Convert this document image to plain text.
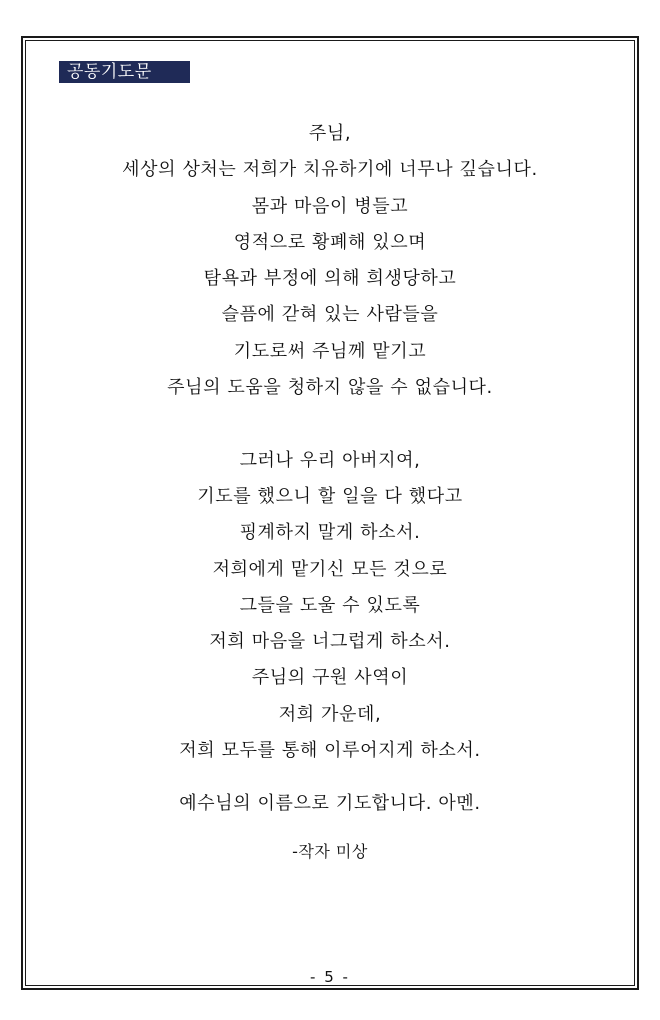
공동기도문
주님,
세상의 상처는 저희가 치유하기에 너무나 깊습니다.
몸과 마음이 병들고
영적으로 황폐해 있으며
탐욕과 부정에 의해 희생당하고
슬픔에 갇혀 있는 사람들을
기도로써 주님께 맡기고
주님의 도움을 청하지 않을 수 없습니다.
그러나 우리 아버지여,
기도를 했으니 할 일을 다 했다고
핑계하지 말게 하소서.
저희에게 맡기신 모든 것으로
그들을 도울 수 있도록
저희 마음을 너그럽게 하소서.
주님의 구원 사역이
저희 가운데,
저희 모두를 통해 이루어지게 하소서.
예수님의 이름으로 기도합니다. 아멘.
-작자 미상
- 5 -
